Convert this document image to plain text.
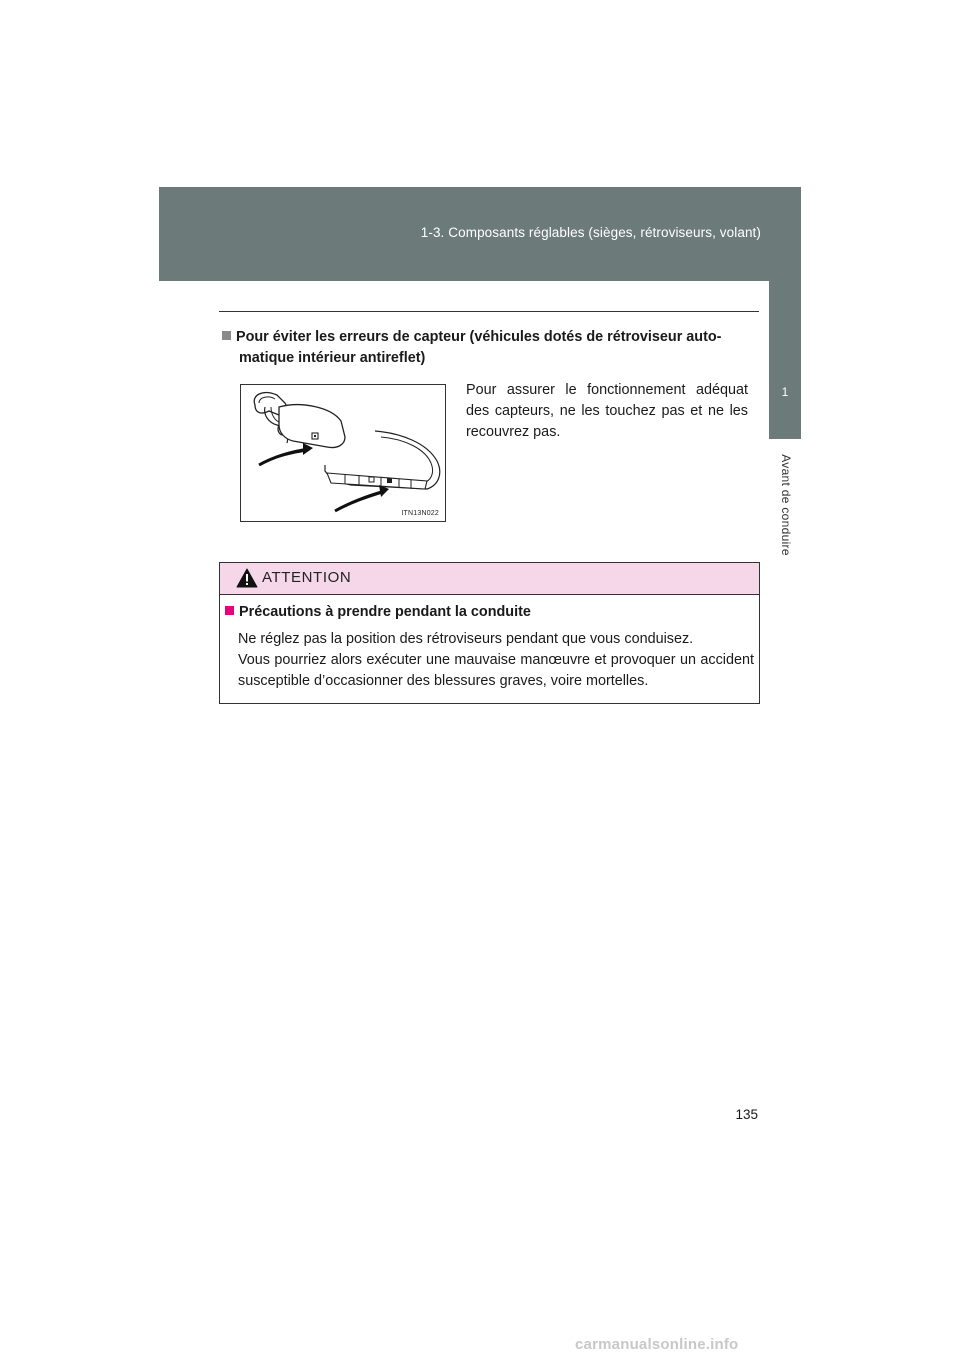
1-3. Composants réglables (sièges, rétroviseurs, volant)
1
Avant de conduire
Pour éviter les erreurs de capteur (véhicules dotés de rétroviseur auto-
matique intérieur antireflet)
ITN13N022
Pour assurer le fonctionnement adéquat des capteurs, ne les touchez pas et ne les recouvrez pas.
ATTENTION
Précautions à prendre pendant la conduite

Ne réglez pas la position des rétroviseurs pendant que vous conduisez.

Vous pourriez alors exécuter une mauvaise manœuvre et provoquer un accident susceptible d’occasionner des blessures graves, voire mortelles.

135
carmanualsonline.info
